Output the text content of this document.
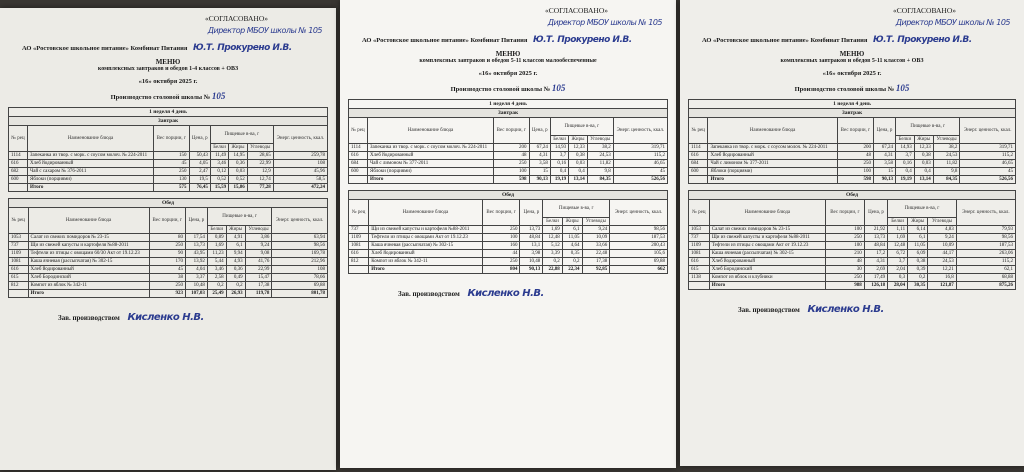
«СОГЛАСОВАНО»
Директор МБОУ школы № 105
АО «Ростовское школьное питание» Комбинат Питания Ю.Т. Прокурено И.В.
МЕНЮ
комплексных завтраков и обедов 1-4 классов + ОВЗ
«16» октября 2025 г.
Производство столовой школы № 105
1 неделя 4 день							
Завтрак							
№ рец	Наименование блюда	Вес порции, г	Цена, р	Пищевые в-ва, г			Энерг. ценность, ккал.
				Белки	Жиры	Углеводы	
1114	Запеканка из твор. с морк. с соусом молоч. № 224-2011	150	50,43	11,49	14,95	28,65	259,78
616	Хлеб йодированный	45	4,05	3,46	0,36	22,99	108
682	Чай с сахаром № 376-2011	250	2,47	0,12	0,03	12,9	45,96
600	Яблоки (порциями)	130	19,5	0,52	0,52	12,74	58,5
	Итого	575	76,45	15,59	15,86	77,28	472,24
Обед							
№ рец	Наименование блюда	Вес порции, г	Цена, р	Пищевые в-ва, г			Энерг. ценность, ккал.
				Белки	Жиры	Углеводы	
1053	Салат из свежих помидоров № 23-15	80	17,54	0,89	4,91	3,86	63,94
737	Щи из свежей капусты и картофеля №88-2011	250	13,73	1,69	6,1	9,24	98,56
1109	Тефтели из птицы с овощами 60/30 Акт от 19.12.23	90	43,95	11,23	9,94	9,08	169,78
1081	Каша ячневая (рассыпчатая) № 302-15	170	13,92	5,44	4,93	41,76	212,96
616	Хлеб йодированный	45	4,04	3,46	0,36	22,99	108
615	Хлеб Бородинский	38	3,37	2,58	0,49	15,47	78,66
812	Компот из яблок № 342-11	250	10,48	0,2	0,2	17,38	69,88
	Итого	923	107,03	25,49	26,93	119,78	801,78
Зав. производством Кисленко Н.В.
«СОГЛАСОВАНО»
Директор МБОУ школы № 105
АО «Ростовское школьное питание» Комбинат Питания Ю.Т. Прокурено И.В.
МЕНЮ
комплексных завтраков и обедов 5-11 классов малообеспеченные
«16» октября 2025 г.
Производство столовой школы № 105
1 неделя 4 день							
Завтрак							
№ рец	Наименование блюда	Вес порции, г	Цена, р	Пищевые в-ва, г			Энерг. ценность, ккал.
				Белки	Жиры	Углеводы	
1114	Запеканка из твор. с морк. с соусом молоч. № 224-2011	200	67,24	14,93	12,33	38,2	319,71
616	Хлеб йодированный	48	4,31	3,7	0,38	24,53	115,2
684	Чай с лимоном № 377-2011	250	3,58	0,16	0,03	11,82	46,65
600	Яблоки (порциями)	100	15	0,4	0,4	9,8	45
	Итого	598	90,13	19,19	13,14	84,35	526,56
Обед							
№ рец	Наименование блюда	Вес порции, г	Цена, р	Пищевые в-ва, г			Энерг. ценность, ккал.
				Белки	Жиры	Углеводы	
737	Щи из свежей капусты и картофеля №88-2011	250	13,73	1,69	6,1	9,24	98,56
1109	Тефтели из птицы с овощами Акт от 19.12.23	100	48,84	12,48	11,05	10,09	187,53
1081	Каша ячневая (рассыпчатая) № 302-15	160	13,1	5,12	4,64	33,66	200,43
616	Хлеб йодированный	44	3,98	3,39	0,35	22,48	105,6
812	Компот из яблок № 342-11	250	10,48	0,2	0,2	17,38	69,88
	Итого	804	90,13	22,88	22,34	92,85	662
Зав. производством Кисленко Н.В.
«СОГЛАСОВАНО»
Директор МБОУ школы № 105
АО «Ростовское школьное питание» Комбинат Питания Ю.Т. Прокурено И.В.
МЕНЮ
комплексных завтраков и обедов 5-11 классов + ОВЗ
«16» октября 2025 г.
Производство столовой школы № 105
1 неделя 4 день							
Завтрак							
№ рец	Наименование блюда	Вес порции, г	Цена, р	Пищевые в-ва, г			Энерг. ценность, ккал.
				Белки	Жиры	Углеводы	
1114	Запеканка из твор. с морк. с соусом молоч. № 224-2011	200	67,24	14,93	12,33	38,2	319,71
616	Хлеб йодированный	48	4,31	3,7	0,38	24,53	115,2
684	Чай с лимоном № 377-2011	250	3,58	0,16	0,03	11,82	46,65
600	Яблоки (порциями)	100	15	0,4	0,4	9,8	45
	Итого	598	90,13	19,19	13,14	84,35	526,56
Обед							
№ рец	Наименование блюда	Вес порции, г	Цена, р	Пищевые в-ва, г			Энерг. ценность, ккал.
				Белки	Жиры	Углеводы	
1053	Салат из свежих помидоров № 23-15	100	21,92	1,11	6,14	4,83	79,93
737	Щи из свежей капусты и картофеля №88-2011	250	13,73	1,69	6,1	9,24	98,56
1109	Тефтели из птицы с овощами Акт от 19.12.23	100	48,84	12,48	11,05	10,09	187,53
1081	Каша ячневая (рассыпчатая) № 302-15	210	17,2	6,72	6,09	44,17	263,06
616	Хлеб йодированный	48	4,31	3,7	0,38	24,53	115,2
615	Хлеб Бородинский	30	2,69	2,04	0,39	12,21	62,1
1138	Компот из яблок и клубники	250	17,49	0,3	0,2	16,8	68,88
	Итого	988	126,18	28,04	30,35	121,87	875,26
Зав. производством Кисленко Н.В.
